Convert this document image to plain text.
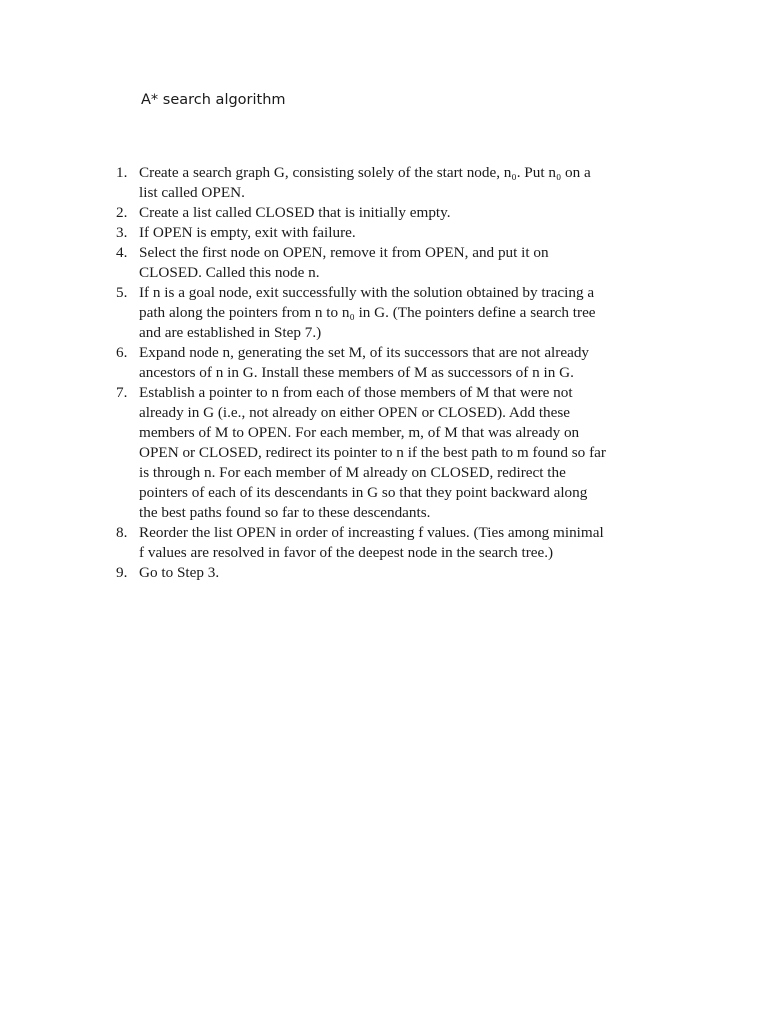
A* search algorithm
1. Create a search graph G, consisting solely of the start node, n₀. Put n₀ on a
list called OPEN.
2. Create a list called CLOSED that is initially empty.
3. If OPEN is empty, exit with failure.
4. Select the first node on OPEN, remove it from OPEN, and put it on
CLOSED. Called this node n.
5. If n is a goal node, exit successfully with the solution obtained by tracing a
path along the pointers from n to n₀ in G. (The pointers define a search tree
and are established in Step 7.)
6. Expand node n, generating the set M, of its successors that are not already
ancestors of n in G. Install these members of M as successors of n in G.
7. Establish a pointer to n from each of those members of M that were not
already in G (i.e., not already on either OPEN or CLOSED). Add these
members of M to OPEN. For each member, m, of M that was already on
OPEN or CLOSED, redirect its pointer to n if the best path to m found so far
is through n. For each member of M already on CLOSED, redirect the
pointers of each of its descendants in G so that they point backward along
the best paths found so far to these descendants.
8. Reorder the list OPEN in order of increasting f values. (Ties among minimal
f values are resolved in favor of the deepest node in the search tree.)
9. Go to Step 3.
